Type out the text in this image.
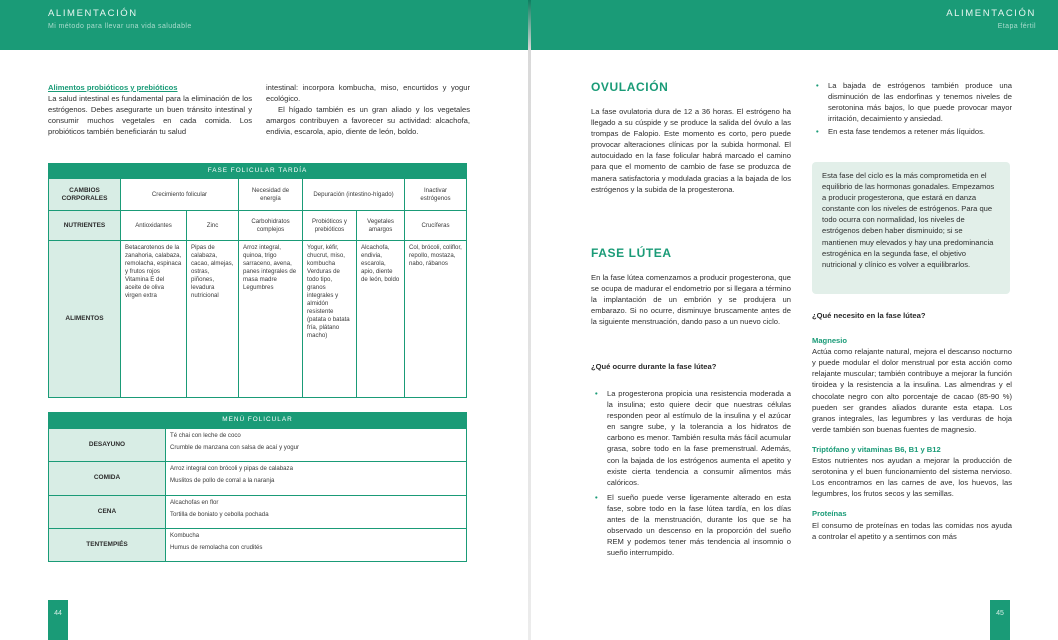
ALIMENTACIÓN
Mi método para llevar una vida saludable
ALIMENTACIÓN
Etapa fértil
Alimentos probióticos y prebióticos

La salud intestinal es fundamental para la eliminación de los estrógenos. Debes asegurarte un buen tránsito intestinal y consumir muchos vegetales en cada comida. Los probióticos también beneficiarán tu salud

intestinal: incorpora kombucha, miso, encurtidos y yogur ecológico.

El hígado también es un gran aliado y los vegetales amargos contribuyen a favorecer su actividad: alcachofa, endivia, escarola, apio, diente de león, boldo.

FASE FOLICULAR TARDÍA						
CAMBIOS CORPORALES	Crecimiento folicular		Necesidad de energía	Depuración (intestino-hígado)		Inactivar estrógenos
NUTRIENTES	Antioxidantes	Zinc	Carbohidratos complejos	Probióticos y prebióticos	Vegetales amargos	Crucíferas
ALIMENTOS	Betacarotenos de la zanahoria, calabaza, remolacha, espinaca y frutos rojos Vitamina E del aceite de oliva virgen extra	Pipas de calabaza, cacao, almejas, ostras, piñones, levadura nutricional	Arroz integral, quinoa, trigo sarraceno, avena, panes integrales de masa madre Legumbres	Yogur, kéfir, chucrut, miso, kombucha Verduras de todo tipo, granos integrales y almidón resistente (patata o batata fría, plátano macho)	Alcachofa, endivia, escarola, apio, diente de león, boldo	Col, brócoli, coliflor, repollo, mostaza, nabo, rábanos
MENÚ FOLICULAR	
DESAYUNO	Té chai con leche de coco
Crumble de manzana con salsa de acaí y yogur

COMIDA	Arroz integral con brócoli y pipas de calabaza
Muslitos de pollo de corral a la naranja

CENA	Alcachofas en flor
Tortilla de boniato y cebolla pochada

TENTEMPIÉS	Kombucha
Humus de remolacha con crudités
44
OVULACIÓN

La fase ovulatoria dura de 12 a 36 horas. El estrógeno ha llegado a su cúspide y se produce la salida del óvulo a las trompas de Falopio. Este momento es corto, pero puede provocar alteraciones clínicas por la subida hormonal. El autocuidado en la fase folicular habrá marcado el camino para que el momento de cambio de fase se produzca de manera satisfactoria y modulada gracias a la bajada de los estrógenos y la subida de la progesterona.

FASE LÚTEA

En la fase lútea comenzamos a producir progesterona, que se ocupa de madurar el endometrio por si llegara a término la implantación de un embrión y se produjera un embarazo. Si no ocurre, disminuye bruscamente antes de la siguiente menstruación, dando paso a un nuevo ciclo.

¿Qué ocurre durante la fase lútea?
• La progesterona propicia una resistencia moderada a la insulina; esto quiere decir que nuestras células responden peor al estímulo de la insulina y el azúcar en sangre sube, y la tolerancia a los hidratos de carbono es menor. También resulta más fácil acumular grasa, sobre todo en la fase premenstrual. Además, con la bajada de los estrógenos aumenta el apetito y existe cierta tendencia a consumir alimentos más calóricos.
• El sueño puede verse ligeramente alterado en esta fase, sobre todo en la fase lútea tardía, en los días antes de la menstruación, durante los que se ha observado un descenso en la proporción del sueño REM y podemos tener más tendencia al insomnio o sueño interrumpido.
• La bajada de estrógenos también produce una disminución de las endorfinas y tenemos niveles de serotonina más bajos, lo que puede provocar mayor irritación, decaimiento y ansiedad.
• En esta fase tendemos a retener más líquidos.

Esta fase del ciclo es la más comprometida en el equilibrio de las hormonas gonadales. Empezamos a producir progesterona, que estará en danza constante con los niveles de estrógenos. Para que todo ocurra con normalidad, los niveles de estrógenos deben haber disminuido; si se mantienen muy elevados y hay una predominancia estrogénica en la segunda fase, el objetivo nutricional y clínico es volver a equilibrarlos.

¿Qué necesito en la fase lútea?
Magnesio

Actúa como relajante natural, mejora el descanso nocturno y puede modular el dolor menstrual por esta acción como relajante muscular; también contribuye a mejorar la función tiroidea y la resistencia a la insulina. Las almendras y el chocolate negro con alto porcentaje de cacao (85-90 %) pueden ser grandes aliados durante esta etapa. Los granos integrales, las legumbres y las verduras de hoja verde también son buenas fuentes de magnesio.

Triptófano y vitaminas B6, B1 y B12

Estos nutrientes nos ayudan a mejorar la producción de serotonina y el buen funcionamiento del sistema nervioso. Los encontramos en las carnes de ave, los huevos, las legumbres, los frutos secos y las semillas.

Proteínas

El consumo de proteínas en todas las comidas nos ayuda a controlar el apetito y a sentirnos con más

45
